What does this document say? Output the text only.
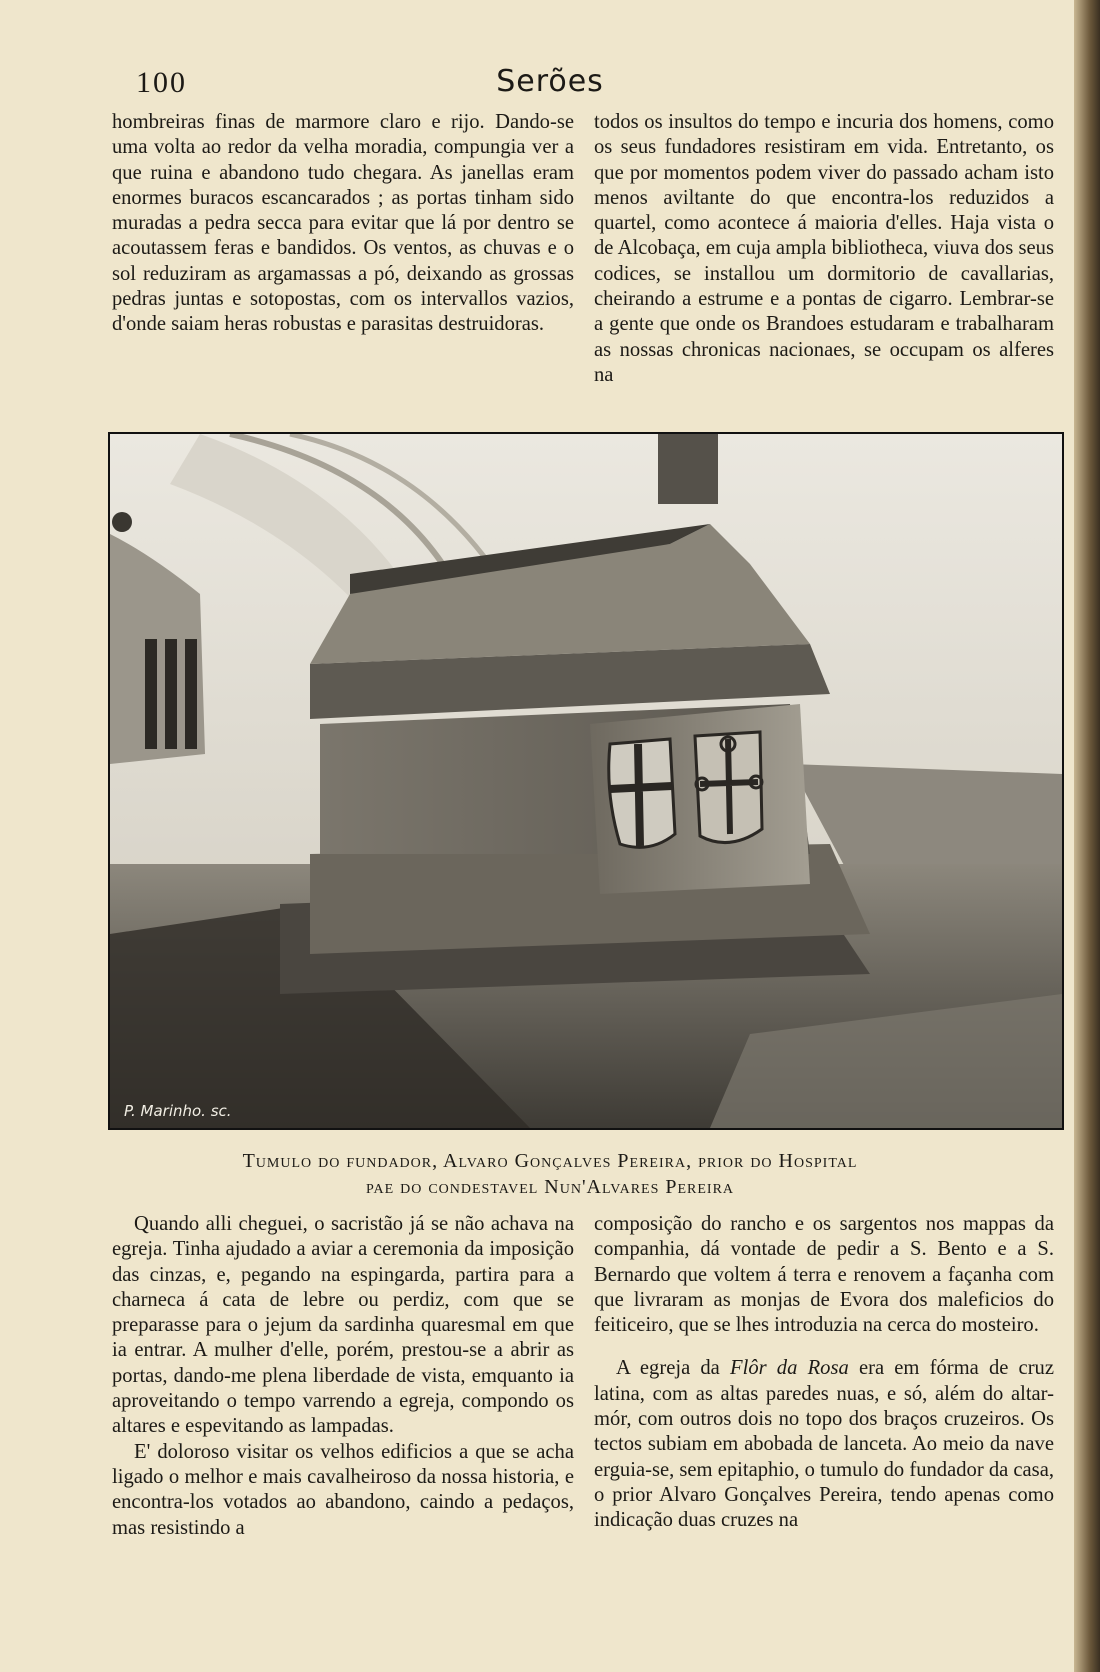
100	Serões

hombreiras finas de marmore claro e rijo. Dando-se uma volta ao redor da velha moradia, compungia ver a que ruina e abandono tudo chegara. As janellas eram enormes buracos escancarados ; as portas tinham sido muradas a pedra secca para evitar que lá por dentro se acoutassem feras e bandidos. Os ventos, as chuvas e o sol reduziram as argamassas a pó, deixando as grossas pedras juntas e sotopostas, com os intervallos vazios, d'onde saiam heras robustas e parasitas destruidoras.

todos os insultos do tempo e incuria dos homens, como os seus fundadores resistiram em vida. Entretanto, os que por momentos podem viver do passado acham isto menos aviltante do que encontra-los reduzidos a quartel, como acontece á maioria d'elles. Haja vista o de Alcobaça, em cuja ampla bibliotheca, viuva dos seus codices, se installou um dormitorio de cavallarias, cheirando a estrume e a pontas de cigarro. Lembrar-se a gente que onde os Brandoes estudaram e trabalharam as nossas chronicas nacionaes, se occupam os alferes na

P. Marinho. sc.
Tumulo do fundador, Alvaro Gonçalves Pereira, prior do Hospital
pae do condestavel Nun'Alvares Pereira

Quando alli cheguei, o sacristão já se não achava na egreja. Tinha ajudado a aviar a ceremonia da imposição das cinzas, e, pegando na espingarda, partira para a charneca á cata de lebre ou perdiz, com que se preparasse para o jejum da sardinha quaresmal em que ia entrar. A mulher d'elle, porém, prestou-se a abrir as portas, dando-me plena liberdade de vista, emquanto ia aproveitando o tempo varrendo a egreja, compondo os altares e espevitando as lampadas.

E' doloroso visitar os velhos edificios a que se acha ligado o melhor e mais cavalheiroso da nossa historia, e encontra-los votados ao abandono, caindo a pedaços, mas resistindo a

composição do rancho e os sargentos nos mappas da companhia, dá vontade de pedir a S. Bento e a S. Bernardo que voltem á terra e renovem a façanha com que livraram as monjas de Evora dos maleficios do feiticeiro, que se lhes introduzia na cerca do mosteiro.

A egreja da Flôr da Rosa era em fórma de cruz latina, com as altas paredes nuas, e só, além do altar-mór, com outros dois no topo dos braços cruzeiros. Os tectos subiam em abobada de lanceta. Ao meio da nave erguia-se, sem epitaphio, o tumulo do fundador da casa, o prior Alvaro Gonçalves Pereira, tendo apenas como indicação duas cruzes na
